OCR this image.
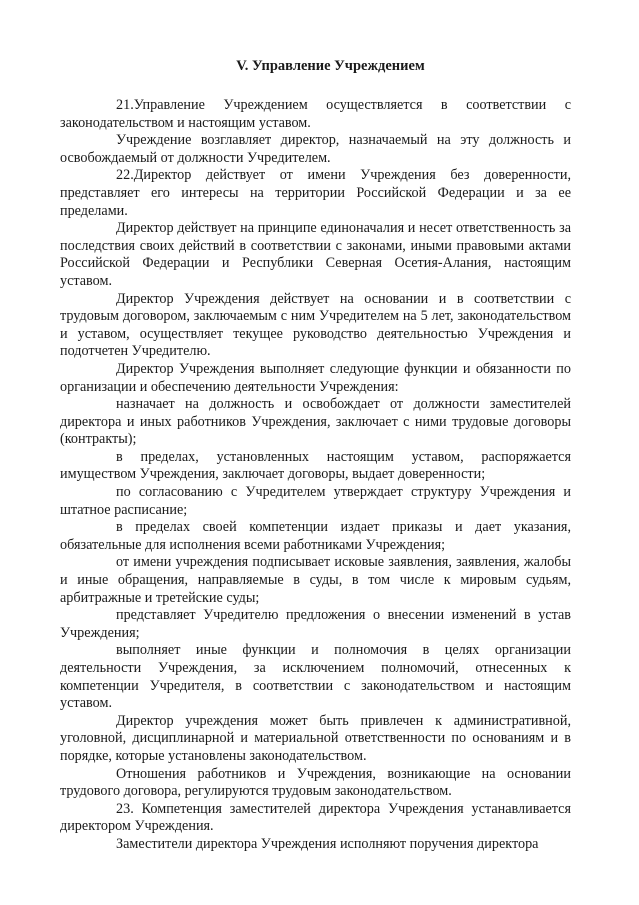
V. Управление Учреждением

21.Управление Учреждением осуществляется в соответствии с законодательством и настоящим уставом.

Учреждение возглавляет директор, назначаемый на эту должность и освобождаемый от должности Учредителем.

22.Директор действует от имени Учреждения без доверенности, представляет его интересы на территории Российской Федерации и за ее пределами.

Директор действует на принципе единоначалия и несет ответственность за последствия своих действий в соответствии с законами, иными правовыми актами Российской Федерации и Республики Северная Осетия-Алания, настоящим уставом.

Директор Учреждения действует на основании и в соответствии с трудовым договором, заключаемым с ним Учредителем на 5 лет, законодательством и уставом, осуществляет текущее руководство деятельностью Учреждения и подотчетен Учредителю.

Директор Учреждения выполняет следующие функции и обязанности по организации и обеспечению деятельности Учреждения:

назначает на должность и освобождает от должности заместителей директора и иных работников Учреждения, заключает с ними трудовые договоры (контракты);

в пределах, установленных настоящим уставом, распоряжается имуществом Учреждения, заключает договоры, выдает доверенности;

по согласованию с Учредителем утверждает структуру Учреждения и штатное расписание;

в пределах своей компетенции издает приказы и дает указания, обязательные для исполнения всеми работниками Учреждения;

от имени учреждения подписывает исковые заявления, заявления, жалобы и иные обращения, направляемые в суды, в том числе к мировым судьям, арбитражные и третейские суды;

представляет Учредителю предложения о внесении изменений в устав Учреждения;

выполняет иные функции и полномочия в целях организации деятельности Учреждения, за исключением полномочий, отнесенных к компетенции Учредителя, в соответствии с законодательством и настоящим уставом.

Директор учреждения может быть привлечен к административной, уголовной, дисциплинарной и материальной ответственности по основаниям и в порядке, которые установлены законодательством.

Отношения работников и Учреждения, возникающие на основании трудового договора, регулируются трудовым законодательством.

23. Компетенция заместителей директора Учреждения устанавливается директором Учреждения.

Заместители директора Учреждения исполняют поручения директора
